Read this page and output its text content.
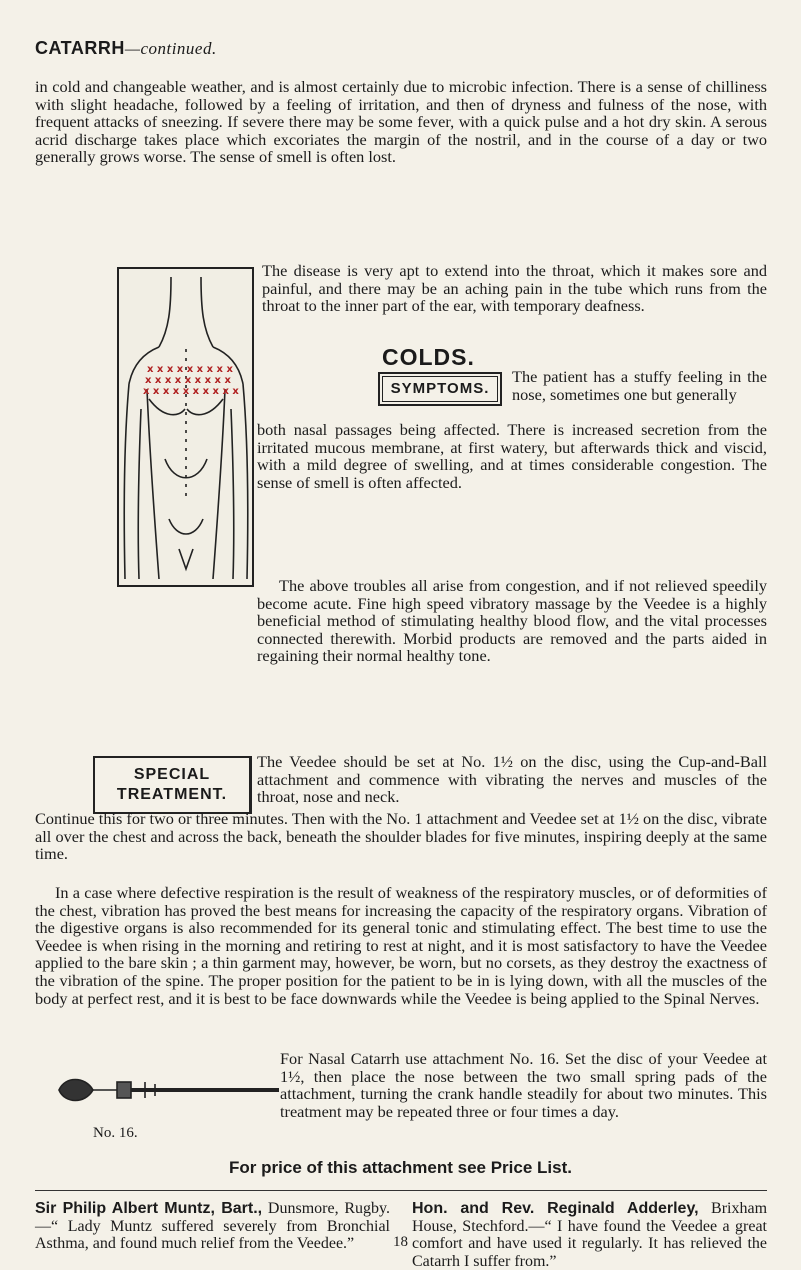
CATARRH—continued.

in cold and changeable weather, and is almost certainly due to microbic infection. There is a sense of chilliness with slight headache, followed by a feeling of irritation, and then of dryness and fulness of the nose, with frequent attacks of sneezing. If severe there may be some fever, with a quick pulse and a hot dry skin. A serous acrid discharge takes place which excoriates the margin of the nostril, and in the course of a day or two generally grows worse. The sense of smell is often lost.

x x x x x x x x x
x x x x x x x x x
x x x x x x x x x x

The disease is very apt to extend into the throat, which it makes sore and painful, and there may be an aching pain in the tube which runs from the throat to the inner part of the ear, with temporary deafness.

COLDS.
SYMPTOMS.

The patient has a stuffy feeling in the nose, sometimes one but generally

both nasal passages being affected. There is increased secretion from the irritated mucous membrane, at first watery, but afterwards thick and viscid, with a mild degree of swelling, and at times considerable congestion. The sense of smell is often affected.

The above troubles all arise from congestion, and if not relieved speedily become acute. Fine high speed vibratory massage by the Veedee is a highly beneficial method of stimulating healthy blood flow, and the vital processes connected therewith. Morbid products are removed and the parts aided in regaining their normal healthy tone.

SPECIAL
TREATMENT.

The Veedee should be set at No. 1½ on the disc, using the Cup-and-Ball attachment and commence with vibrating the nerves and muscles of the throat, nose and neck.

Continue this for two or three minutes. Then with the No. 1 attachment and Veedee set at 1½ on the disc, vibrate all over the chest and across the back, beneath the shoulder blades for five minutes, inspiring deeply at the same time.

In a case where defective respiration is the result of weakness of the respiratory muscles, or of deformities of the chest, vibration has proved the best means for increasing the capacity of the respiratory organs. Vibration of the digestive organs is also recommended for its general tonic and stimulating effect. The best time to use the Veedee is when rising in the morning and retiring to rest at night, and it is most satisfactory to have the Veedee applied to the bare skin ; a thin garment may, however, be worn, but no corsets, as they destroy the exactness of the vibration of the spine. The proper position for the patient to be in is lying down, with all the muscles of the body at perfect rest, and it is best to be face downwards while the Veedee is being applied to the Spinal Nerves.

No. 16.

For Nasal Catarrh use attachment No. 16. Set the disc of your Veedee at 1½, then place the nose between the two small spring pads of the attachment, turning the crank handle steadily for about two minutes. This treatment may be repeated three or four times a day.

For price of this attachment see Price List.

Sir Philip Albert Muntz, Bart., Dunsmore, Rugby.—“ Lady Muntz suffered severely from Bronchial Asthma, and found much relief from the Veedee.”

Hon. and Rev. Reginald Adderley, Brixham House, Stechford.—“ I have found the Veedee a great comfort and have used it regularly. It has relieved the Catarrh I suffer from.”

18
